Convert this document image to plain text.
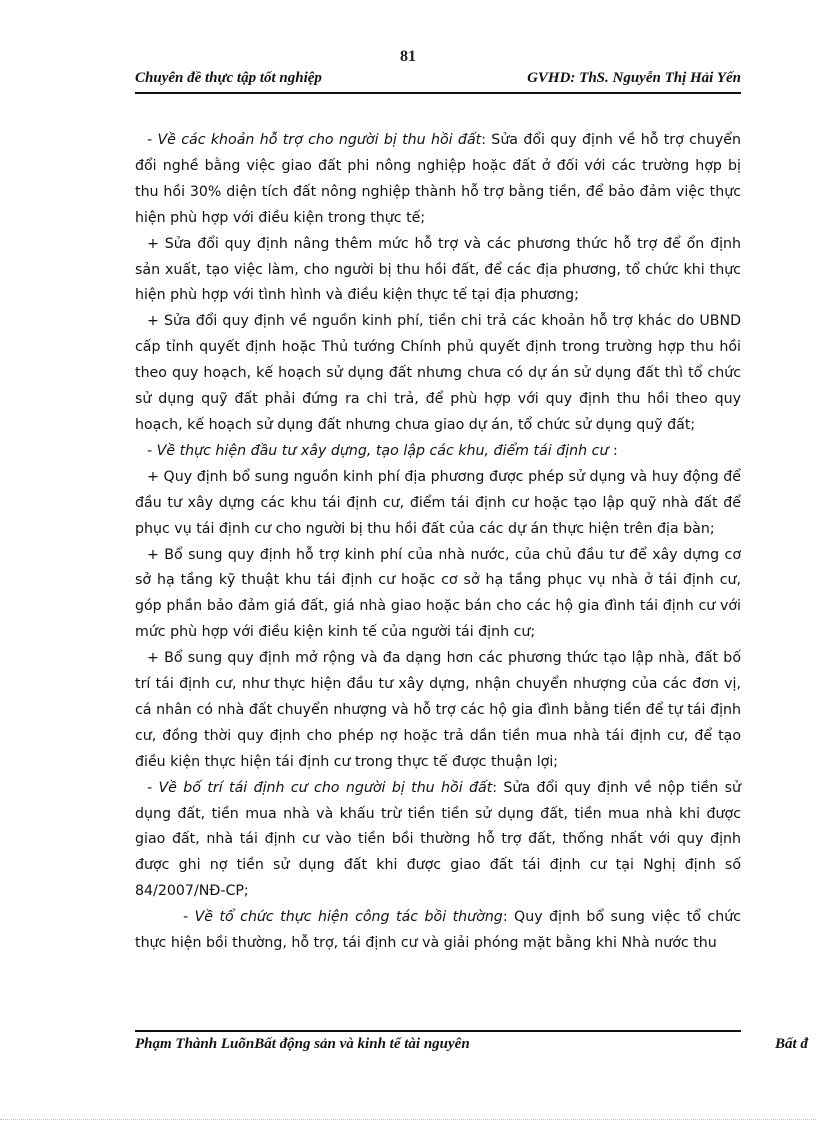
81
Chuyên đề thực tập tốt nghiệp	GVHD: ThS. Nguyễn Thị Hải Yến

- Về các khoản hỗ trợ cho người bị thu hồi đất: Sửa đổi quy định về hỗ trợ chuyển đổi nghề bằng việc giao đất phi nông nghiệp hoặc đất ở đối với các trường hợp bị thu hồi 30% diện tích đất nông nghiệp thành hỗ trợ bằng tiền, để bảo đảm việc thực hiện phù hợp với điều kiện trong thực tế;

+ Sửa đổi quy định nâng thêm mức hỗ trợ và các phương thức hỗ trợ để ổn định sản xuất, tạo việc làm, cho người bị thu hồi đất, để các địa phương, tổ chức khi thực hiện phù hợp với tình hình và điều kiện thực tế tại địa phương;

+ Sửa đổi quy định về nguồn kinh phí, tiền chi trả các khoản hỗ trợ khác do UBND cấp tỉnh quyết định hoặc Thủ tướng Chính phủ quyết định trong trường hợp thu hồi theo quy hoạch, kế hoạch sử dụng đất nhưng chưa có dự án sử dụng đất thì tổ chức sử dụng quỹ đất phải đứng ra chi trả, để phù hợp với quy định thu hồi theo quy hoạch, kế hoạch sử dụng đất nhưng chưa giao dự án, tổ chức sử dụng quỹ đất;

- Về thực hiện đầu tư xây dựng, tạo lập các khu, điểm tái định cư :

+ Quy định bổ sung nguồn kinh phí địa phương được phép sử dụng và huy động để đầu tư xây dựng các khu tái định cư, điểm tái định cư hoặc tạo lập quỹ nhà đất để phục vụ tái định cư cho người bị thu hồi đất của các dự án thực hiện trên địa bàn;

+ Bổ sung quy định hỗ trợ kinh phí của nhà nước, của chủ đầu tư để xây dựng cơ sở hạ tầng kỹ thuật khu tái định cư hoặc cơ sở hạ tầng phục vụ nhà ở tái định cư, góp phần bảo đảm giá đất, giá nhà giao hoặc bán cho các hộ gia đình tái định cư với mức phù hợp với điều kiện kinh tế của người tái định cư;

+ Bổ sung quy định mở rộng và đa dạng hơn các phương thức tạo lập nhà, đất bố trí tái định cư, như thực hiện đầu tư xây dựng, nhận chuyển nhượng của các đơn vị, cá nhân có nhà đất chuyển nhượng và hỗ trợ các hộ gia đình bằng tiền để tự tái định cư, đồng thời quy định cho phép nợ hoặc trả dần tiền mua nhà tái định cư, để tạo điều kiện thực hiện tái định cư trong thực tế được thuận lợi;

- Về bố trí tái định cư cho người bị thu hồi đất: Sửa đổi quy định về nộp tiền sử dụng đất, tiền mua nhà và khấu trừ tiền tiền sử dụng đất, tiền mua nhà khi được giao đất, nhà tái định cư vào tiền bồi thường hỗ trợ đất, thống nhất với quy định được ghi nợ tiền sử dụng đất khi được giao đất tái định cư tại Nghị định số 84/2007/NĐ-CP;

- Về tổ chức thực hiện công tác bồi thường: Quy định bổ sung việc tổ chức thực hiện bồi thường, hỗ trợ, tái định cư và giải phóng mặt bằng khi Nhà nước thu

Phạm Thành LuõnBất động sản và kinh tế tài nguyên	Bất đ
